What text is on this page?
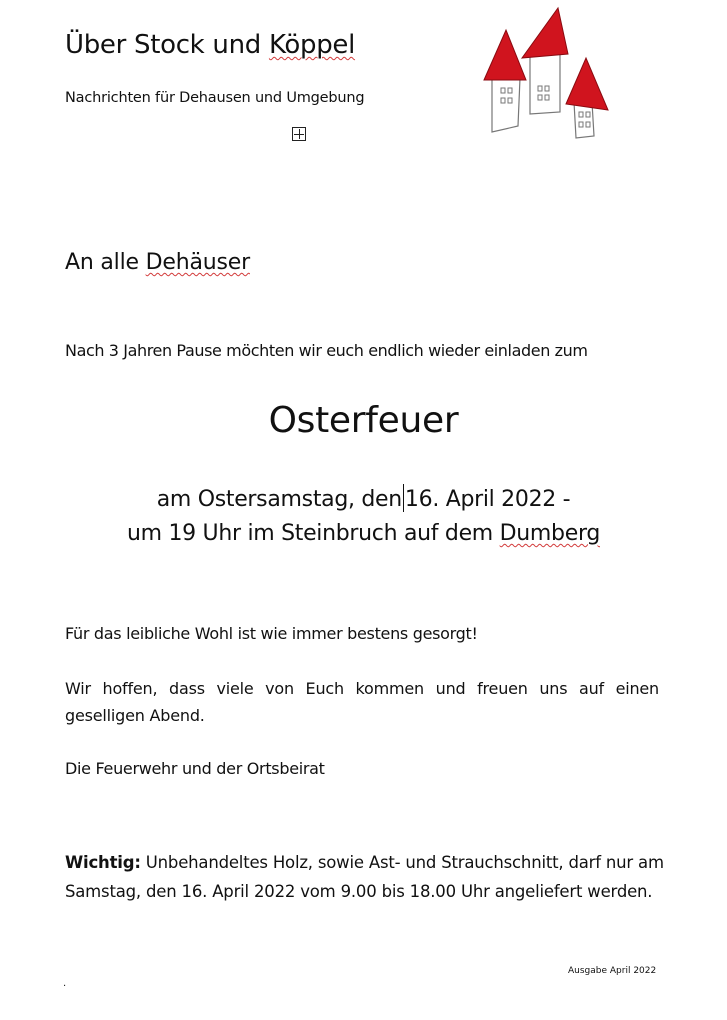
Über Stock und Köppel
Nachrichten für Dehausen und Umgebung
An alle Dehäuser
Nach 3 Jahren Pause möchten wir euch endlich wieder einladen zum
Osterfeuer
am Ostersamstag, den 16. April 2022 -
um 19 Uhr im Steinbruch auf dem Dumberg
Für das leibliche Wohl ist wie immer bestens gesorgt!
Wir hoffen, dass viele von Euch kommen und freuen uns auf einen geselligen Abend.
Die Feuerwehr und der Ortsbeirat
Wichtig: Unbehandeltes Holz, sowie Ast- und Strauchschnitt, darf nur am Samstag, den 16. April 2022 vom 9.00 bis 18.00 Uhr angeliefert werden.
Ausgabe April 2022
.
